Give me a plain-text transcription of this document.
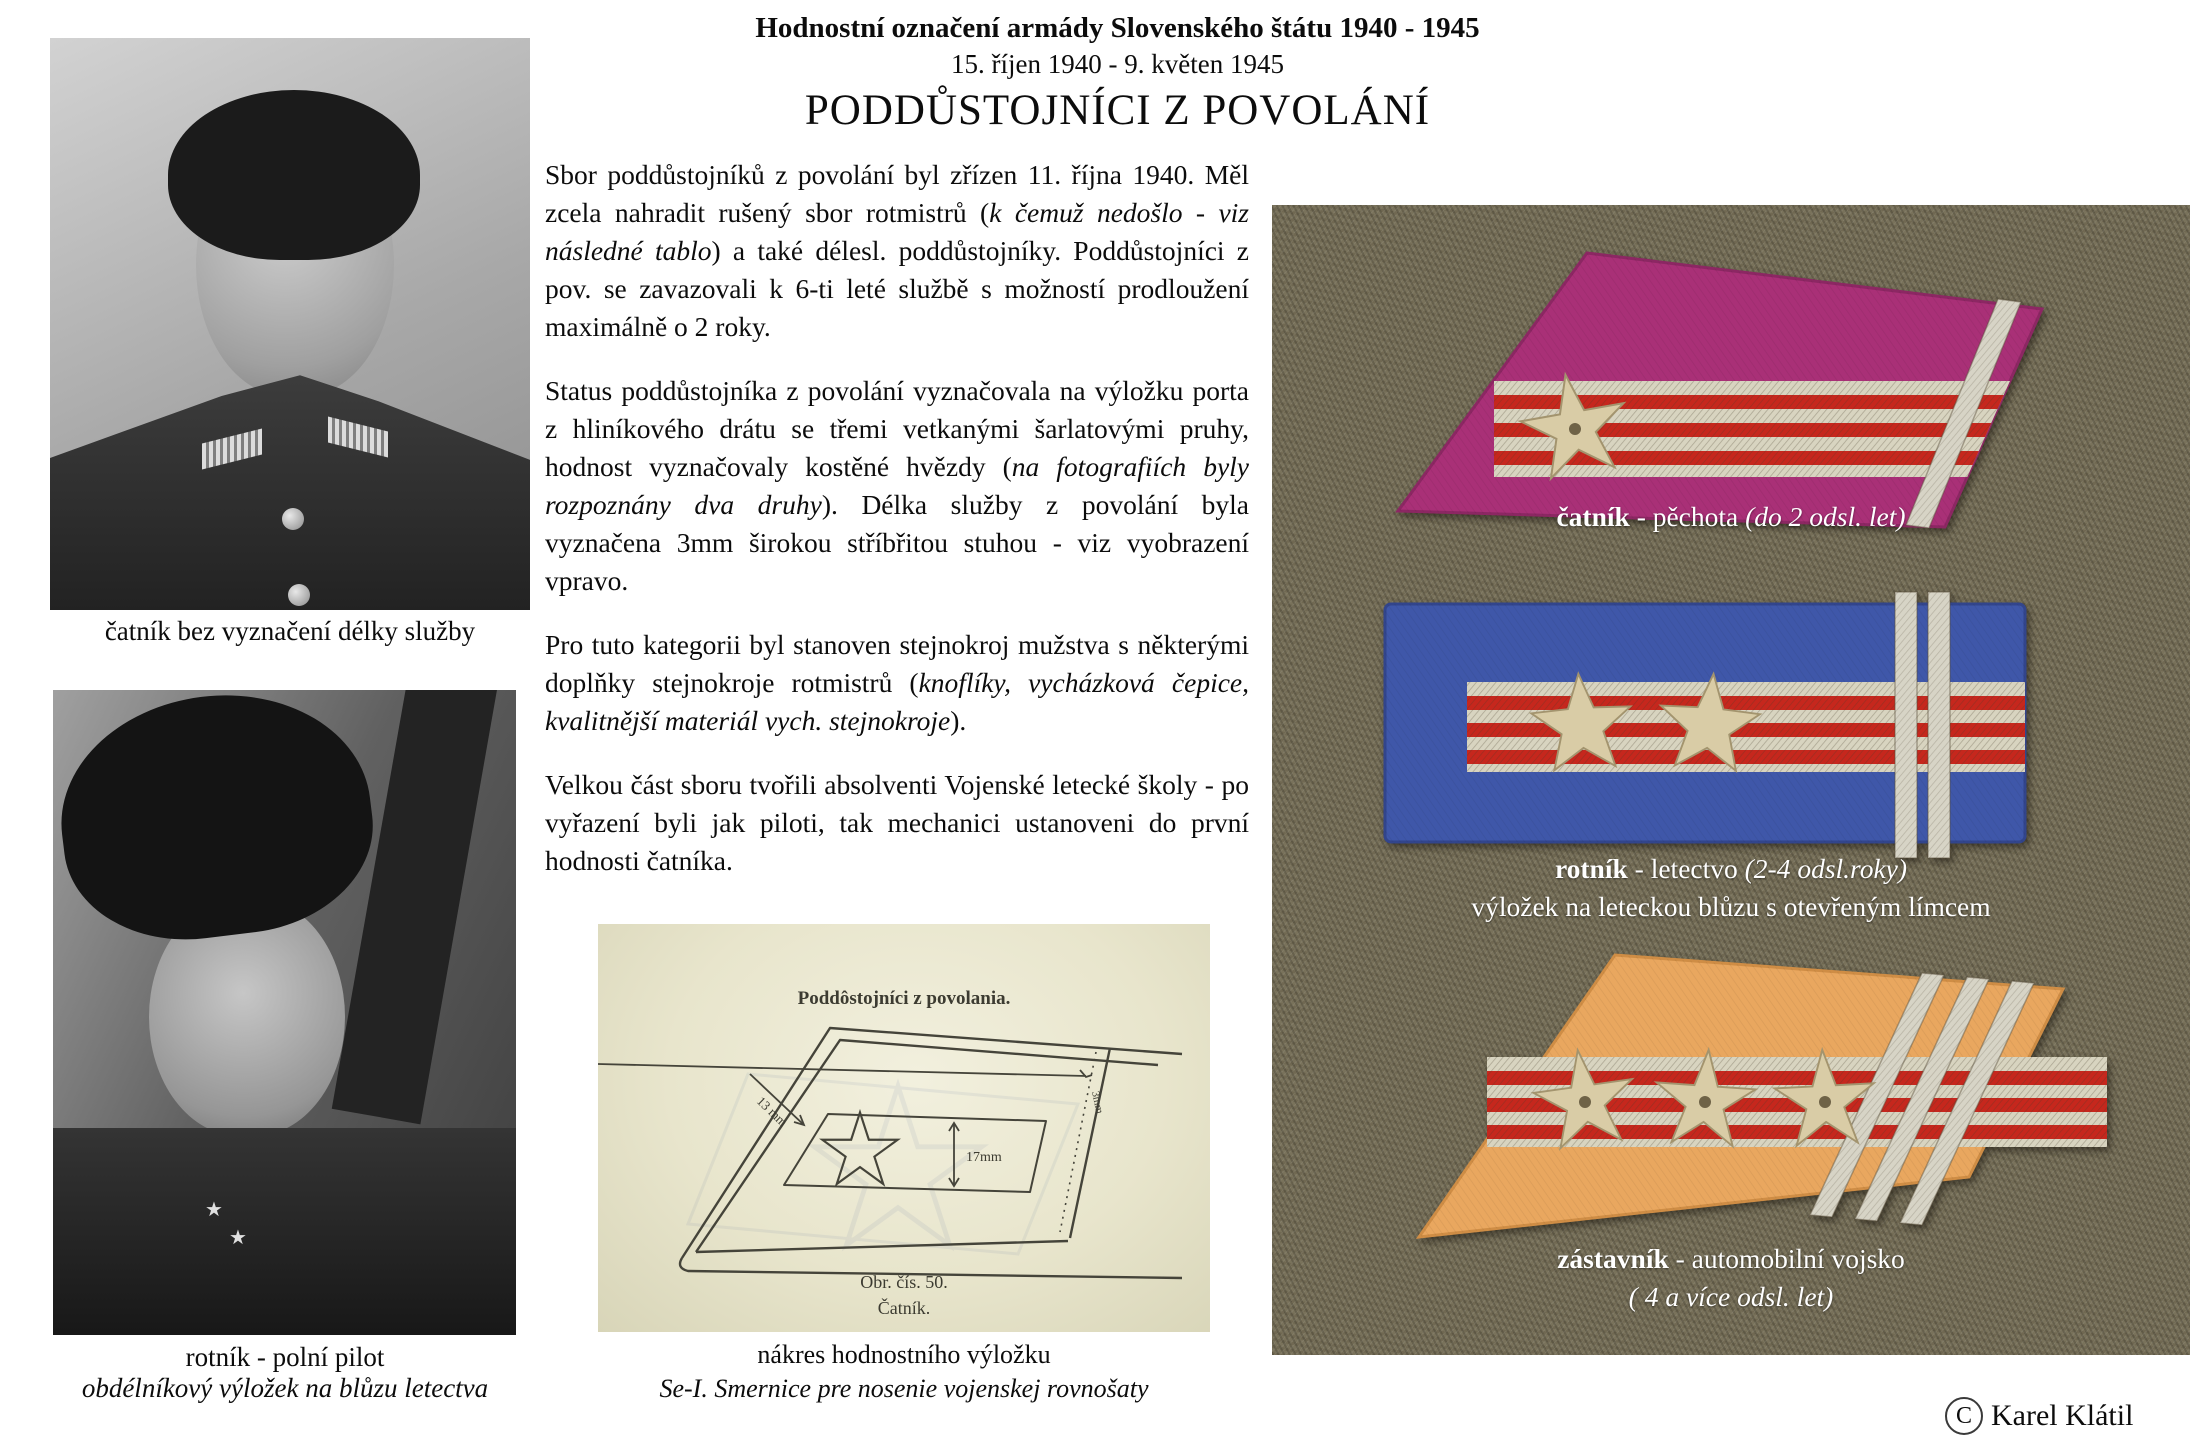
Hodnostní označení armády Slovenského štátu 1940 - 1945
15. říjen 1940 - 9. květen 1945
PODDŮSTOJNÍCI Z POVOLÁNÍ
čatník bez vyznačení délky služby
★
★
rotník - polní pilot
obdélníkový výložek na blůzu letectva

Sbor poddůstojníků z povolání byl zřízen 11. října 1940. Měl zcela nahradit rušený sbor rotmistrů (k čemuž nedošlo - viz následné tablo) a také délesl. poddůstojníky. Poddůstojníci z pov. se zavazovali k 6-ti leté službě s možností prodloužení maximálně o 2 roky.

Status poddůstojníka z povolání vyznačovala na výložku porta z hliníkového drátu se třemi vetkanými šarlatovými pruhy, hodnost vyznačovaly kostěné hvězdy (na fotografiích byly rozpoznány dva druhy). Délka služby z povolání byla vyznačena 3mm širokou stříbřitou stuhou - viz vyobrazení vpravo.

Pro tuto kategorii byl stanoven stejnokroj mužstva s některými doplňky stejnokroje rotmistrů (knoflíky, vycházková čepice, kvalitnější materiál vych. stejnokroje).

Velkou část sboru tvořili absolventi Vojenské letecké školy - po vyřazení byli jak piloti, tak mechanici ustanoveni do první hodnosti čatníka.

Poddôstojníci z povolania.
17mm
13 mm	3mm
Obr. čís. 50.
Čatník.
nákres hodnostního výložku
Se-I. Smernice pre nosenie vojenskej rovnošaty
čatník - pěchota (do 2 odsl. let)
rotník - letectvo (2-4 odsl.roky)
výložek na leteckou blůzu s otevřeným límcem
zástavník - automobilní vojsko
( 4 a více odsl. let)
C Karel Klátil
